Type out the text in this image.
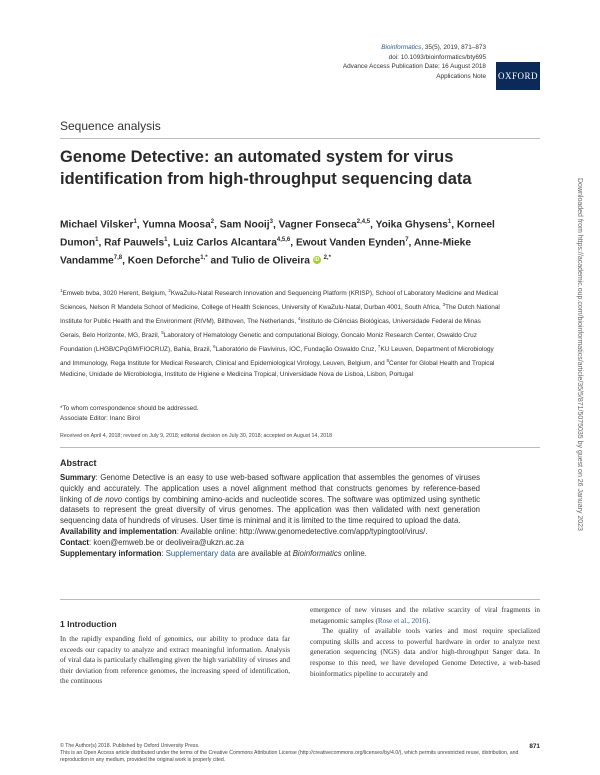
Bioinformatics, 35(5), 2019, 871–873
doi: 10.1093/bioinformatics/bty695
Advance Access Publication Date: 16 August 2018
Applications Note OXFORD
Sequence analysis
Genome Detective: an automated system for virus identification from high-throughput sequencing data
Michael Vilsker$^1$, Yumna Moosa$^2$, Sam Nooij$^3$, Vagner Fonseca$^{2,4,5}$, Yoika Ghysens$^1$, Korneel Dumon$^1$, Raf Pauwels$^1$, Luiz Carlos Alcantara$^{4,5,6}$, Ewout Vanden Eynden$^7$, Anne-Mieke Vandamme$^{7,8}$, Koen Deforche$^{1,*}$ and Tulio de Oliveira iD $^{2,*}$
$^1$Emweb bvba, 3020 Herent, Belgium, $^2$KwaZulu-Natal Research Innovation and Sequencing Platform (KRISP), School of Laboratory Medicine and Medical Sciences, Nelson R Mandela School of Medicine, College of Health Sciences, University of KwaZulu-Natal, Durban 4001, South Africa, $^3$The Dutch National Institute for Public Health and the Environment (RIVM), Bilthoven, The Netherlands, $^4$Instituto de Ciências Biológicas, Universidade Federal de Minas Gerais, Belo Horizonte, MG, Brazil, $^5$Laboratory of Hematology Genetic and computational Biology, Goncalo Moniz Research Center, Oswaldo Cruz Foundation (LHGB/CPqGM/FIOCRUZ), Bahia, Brazil, $^6$Laboratório de Flavivirus, IOC, Fundação Oswaldo Cruz, $^7$KU Leuven, Department of Microbiology and Immunology, Rega Institute for Medical Research, Clinical and Epidemiological Virology, Leuven, Belgium, and $^8$Center for Global Health and Tropical Medicine, Unidade de Microbiologia, Instituto de Higiene e Medicina Tropical, Universidade Nova de Lisboa, Lisbon, Portugal
*To whom correspondence should be addressed.
Associate Editor: Inanc Birol
Received on April 4, 2018; revised on July 9, 2018; editorial decision on July 30, 2018; accepted on August 14, 2018
Abstract
Summary: Genome Detective is an easy to use web-based software application that assembles the genomes of viruses quickly and accurately. The application uses a novel alignment method that constructs genomes by reference-based linking of de novo contigs by combining amino-acids and nucleotide scores. The software was optimized using synthetic datasets to represent the great diversity of virus genomes. The application was then validated with next generation sequencing data of hundreds of viruses. User time is minimal and it is limited to the time required to upload the data.
Availability and implementation: Available online: http://www.genomedetective.com/app/typingtool/virus/.
Contact: koen@emweb.be or deoliveira@ukzn.ac.za
Supplementary information: Supplementary data are available at Bioinformatics online.
1 Introduction
In the rapidly expanding field of genomics, our ability to produce data far exceeds our capacity to analyze and extract meaningful information. Analysis of viral data is particularly challenging given the high variability of viruses and their deviation from reference genomes, the increasing speed of identification, the continuous
emergence of new viruses and the relative scarcity of viral fragments in metagenomic samples (Rose et al., 2016).
The quality of available tools varies and most require specialized computing skills and access to powerful hardware in order to analyze next generation sequencing (NGS) data and/or high-throughput Sanger data. In response to this need, we have developed Genome Detective, a web-based bioinformatics pipeline to accurately and
© The Author(s) 2018. Published by Oxford University Press.
This is an Open Access article distributed under the terms of the Creative Commons Attribution License (http://creativecommons.org/licenses/by/4.0/), which permits unrestricted reuse, distribution, and reproduction in any medium, provided the original work is properly cited.
871
Downloaded from https://academic.oup.com/bioinformatics/article/35/5/871/5075035 by guest on 26 January 2023
